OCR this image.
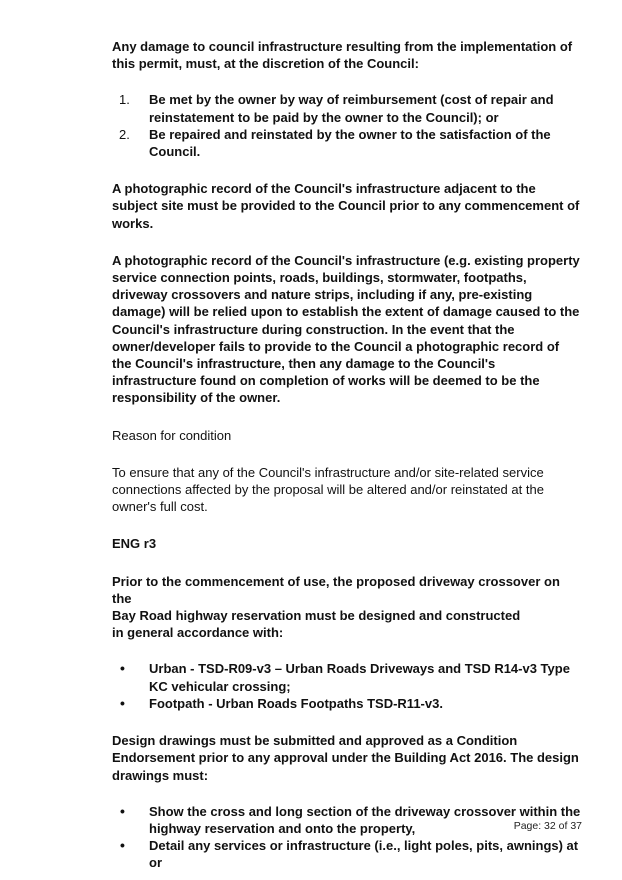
Any damage to council infrastructure resulting from the implementation of this permit, must, at the discretion of the Council:

1. Be met by the owner by way of reimbursement (cost of repair and reinstatement to be paid by the owner to the Council); or
2. Be repaired and reinstated by the owner to the satisfaction of the Council.

A photographic record of the Council's infrastructure adjacent to the subject site must be provided to the Council prior to any commencement of works.

A photographic record of the Council's infrastructure (e.g. existing property service connection points, roads, buildings, stormwater, footpaths, driveway crossovers and nature strips, including if any, pre-existing damage) will be relied upon to establish the extent of damage caused to the Council's infrastructure during construction. In the event that the owner/developer fails to provide to the Council a photographic record of the Council's infrastructure, then any damage to the Council's infrastructure found on completion of works will be deemed to be the responsibility of the owner.

Reason for condition

To ensure that any of the Council's infrastructure and/or site-related service connections affected by the proposal will be altered and/or reinstated at the owner's full cost.

ENG r3

Prior to the commencement of use, the proposed driveway crossover on the
Bay Road highway reservation must be designed and constructed
in general accordance with:

• Urban - TSD-R09-v3 – Urban Roads Driveways and TSD R14-v3 Type KC vehicular crossing;
• Footpath - Urban Roads Footpaths TSD-R11-v3.

Design drawings must be submitted and approved as a Condition Endorsement prior to any approval under the Building Act 2016. The design drawings must:

• Show the cross and long section of the driveway crossover within the highway reservation and onto the property,
• Detail any services or infrastructure (i.e., light poles, pits, awnings) at or
Page: 32 of 37
